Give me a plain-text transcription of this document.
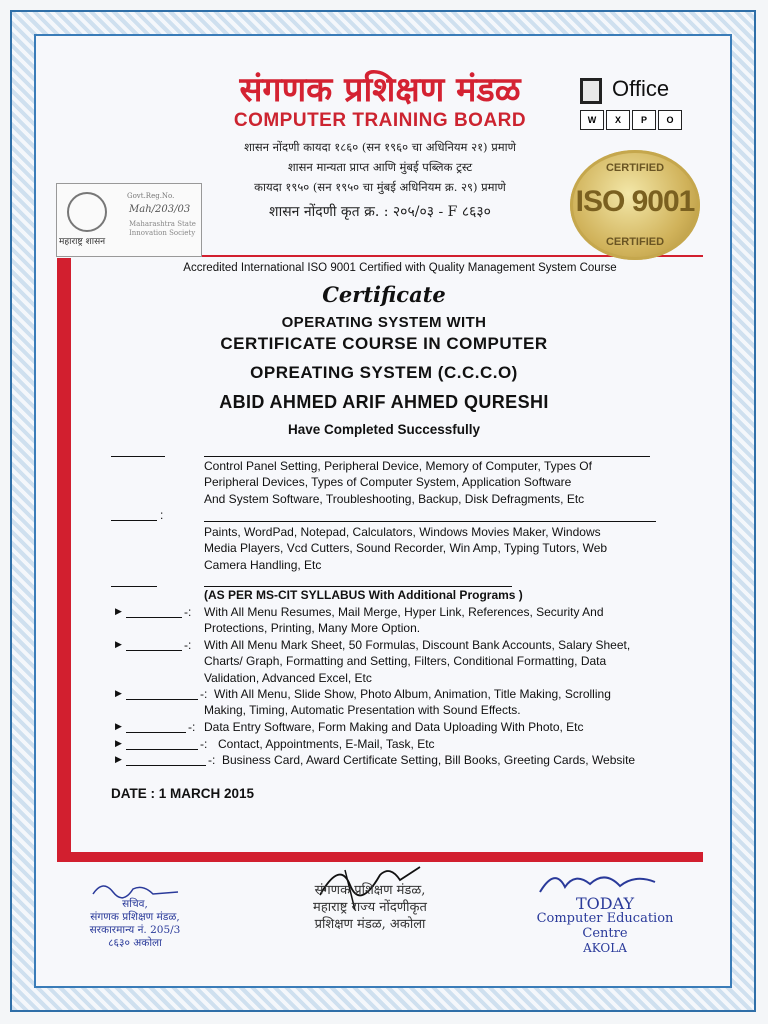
संगणक प्रशिक्षण मंडळ
COMPUTER TRAINING BOARD
शासन नोंदणी कायदा १८६० (सन १९६० चा अधिनियम २१) प्रमाणे
शासन मान्यता प्राप्त आणि मुंबई पब्लिक ट्रस्ट
कायदा १९५० (सन १९५० चा मुंबई अधिनियम क्र. २९) प्रमाणे
शासन नोंदणी कृत क्र. : २०५/०३ - F ८६३०
Office
W	X	P	O
CERTIFIED
ISO 9001
CERTIFIED
महाराष्ट्र शासन
Govt.Reg.No.
Mah/203/03
Maharashtra State Innovation Society
Accredited International ISO 9001 Certified with Quality Management System Course
Certificate
OPERATING SYSTEM WITH
CERTIFICATE COURSE IN COMPUTER
OPREATING SYSTEM (C.C.C.O)
ABID AHMED ARIF AHMED QURESHI
Have Completed Successfully
Control Panel Setting, Peripheral Device, Memory of Computer, Types Of
Peripheral Devices, Types of Computer System, Application Software
And System Software, Troubleshooting, Backup, Disk Defragments, Etc
:
Paints, WordPad, Notepad, Calculators, Windows Movies Maker, Windows
Media Players, Vcd Cutters, Sound Recorder, Win Amp, Typing Tutors, Web
Camera Handling, Etc
(AS PER MS-CIT SYLLABUS With Additional Programs )
▶	-: With All Menu Resumes, Mail Merge, Hyper Link, References, Security And
Protections, Printing, Many More Option.
▶	-: With All Menu Mark Sheet, 50 Formulas, Discount Bank Accounts, Salary Sheet,
Charts/ Graph, Formatting and Setting, Filters, Conditional Formatting, Data
Validation, Advanced Excel, Etc
▶	-: With All Menu, Slide Show, Photo Album, Animation, Title Making, Scrolling
Making, Timing, Automatic Presentation with Sound Effects.
▶	-: Data Entry Software, Form Making and Data Uploading With Photo, Etc
▶	-: Contact, Appointments, E-Mail, Task, Etc
▶	-: Business Card, Award Certificate Setting, Bill Books, Greeting Cards, Website
DATE : 1 MARCH 2015
सचिव,
संगणक प्रशिक्षण मंडळ,
सरकारमान्य नं. 205/3
८६३० अकोला
संगणक प्रशिक्षण मंडळ,
महाराष्ट्र राज्य नोंदणीकृत
प्रशिक्षण मंडळ, अकोला
TODAY
Computer Education
Centre
AKOLA
